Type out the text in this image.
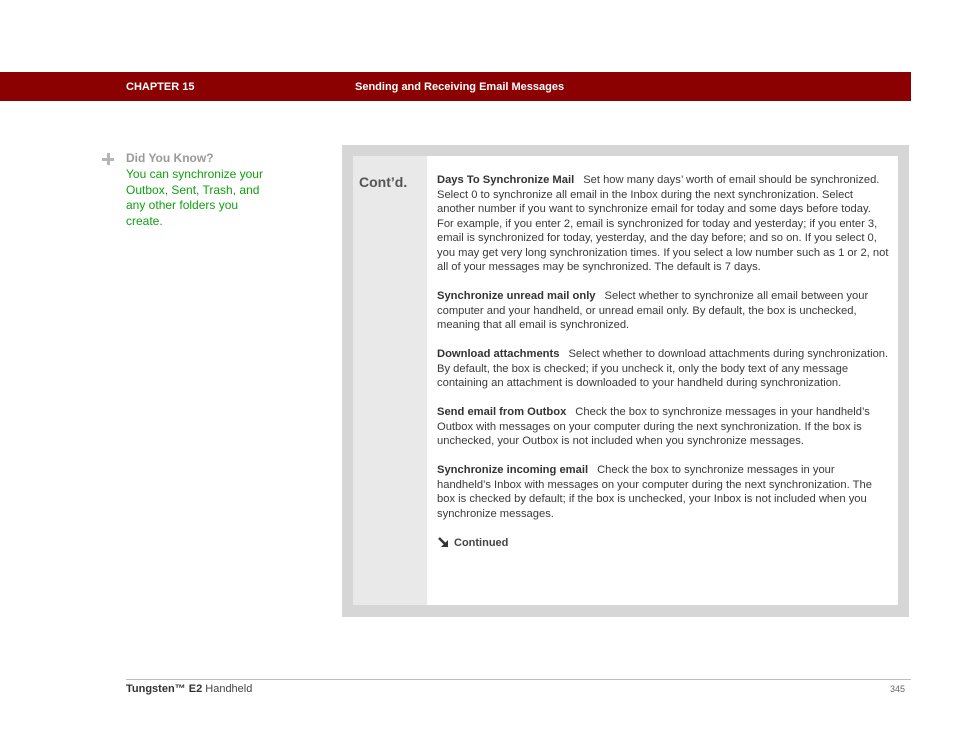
CHAPTER 15	Sending and Receiving Email Messages
Did You Know?
You can synchronize your Outbox, Sent, Trash, and any other folders you create.
Cont’d.	Days To Synchronize Mail Set how many days’ worth of email should be synchronized. Select 0 to synchronize all email in the Inbox during the next synchronization. Select another number if you want to synchronize email for today and some days before today. For example, if you enter 2, email is synchronized for today and yesterday; if you enter 3, email is synchronized for today, yesterday, and the day before; and so on. If you select 0, you may get very long synchronization times. If you select a low number such as 1 or 2, not all of your messages may be synchronized. The default is 7 days.

Synchronize unread mail only Select whether to synchronize all email between your computer and your handheld, or unread email only. By default, the box is unchecked, meaning that all email is synchronized.

Download attachments Select whether to download attachments during synchronization. By default, the box is checked; if you uncheck it, only the body text of any message containing an attachment is downloaded to your handheld during synchronization.

Send email from Outbox Check the box to synchronize messages in your handheld’s Outbox with messages on your computer during the next synchronization. If the box is unchecked, your Outbox is not included when you synchronize messages.

Synchronize incoming email Check the box to synchronize messages in your handheld’s Inbox with messages on your computer during the next synchronization. The box is checked by default; if the box is unchecked, your Inbox is not included when you synchronize messages.

Continued
Tungsten™ E2 Handheld	345
